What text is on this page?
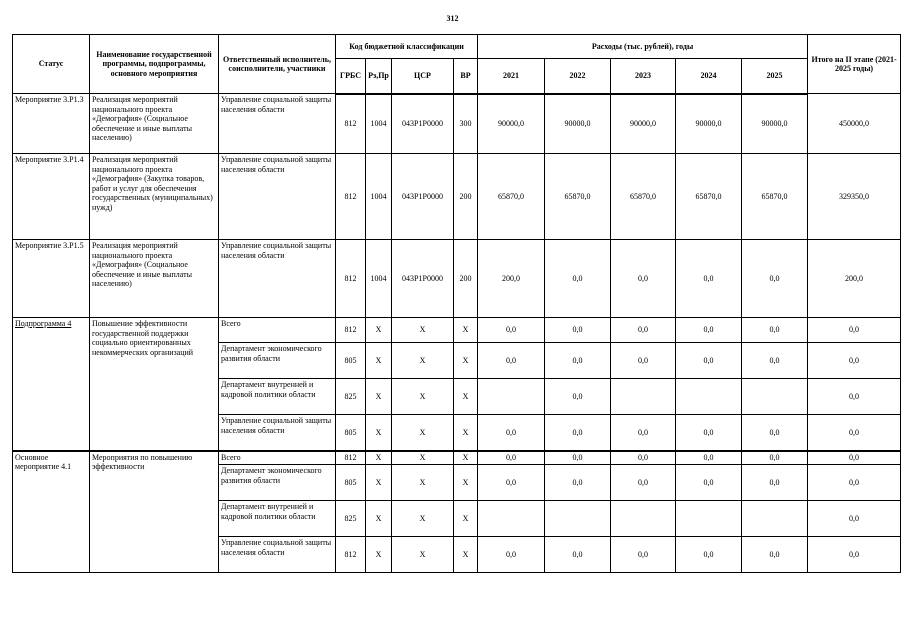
312
Статус	Наименование государственной программы, подпрограммы, основного мероприятия	Ответственный исполнитель, соисполнители, участники	Код бюджетной классификации				Расходы (тыс. рублей), годы					Итого на II этапе (2021-2025 годы)
			ГРБС	Рз,Пр	ЦСР	ВР	2021	2022	2023	2024	2025	
Мероприятие 3.P1.3	Реализация мероприятий национального проекта «Демография» (Социальное обеспечение и иные выплаты населению)	Управление социальной защиты населения области	812	1004	043P1P0000	300	90000,0	90000,0	90000,0	90000,0	90000,0	450000,0
Мероприятие 3.P1.4	Реализация мероприятий национального проекта «Демография» (Закупка товаров, работ и услуг для обеспечения государственных (муниципальных) нужд)	Управление социальной защиты населения области	812	1004	043P1P0000	200	65870,0	65870,0	65870,0	65870,0	65870,0	329350,0
Мероприятие 3.P1.5	Реализация мероприятий национального проекта «Демография» (Социальное обеспечение и иные выплаты населению)	Управление социальной защиты населения области	812	1004	043P1P0000	200	200,0	0,0	0,0	0,0	0,0	200,0
Подпрограмма 4	Повышение эффективности государственной поддержки социально ориентированных некоммерческих организаций	Всего	812	X	X	X	0,0	0,0	0,0	0,0	0,0	0,0
		Департамент экономического развития области	805	X	X	X	0,0	0,0	0,0	0,0	0,0	0,0
		Департамент внутренней и кадровой политики области	825	X	X	X		0,0				0,0
		Управление социальной защиты населения области	805	X	X	X	0,0	0,0	0,0	0,0	0,0	0,0
Основное мероприятие 4.1	Мероприятия по повышению эффективности	Всего	812	X	X	X	0,0	0,0	0,0	0,0	0,0	0,0
		Департамент экономического развития области	805	X	X	X	0,0	0,0	0,0	0,0	0,0	0,0
		Департамент внутренней и кадровой политики области	825	X	X	X						0,0
		Управление социальной защиты населения области	812	X	X	X	0,0	0,0	0,0	0,0	0,0	0,0
